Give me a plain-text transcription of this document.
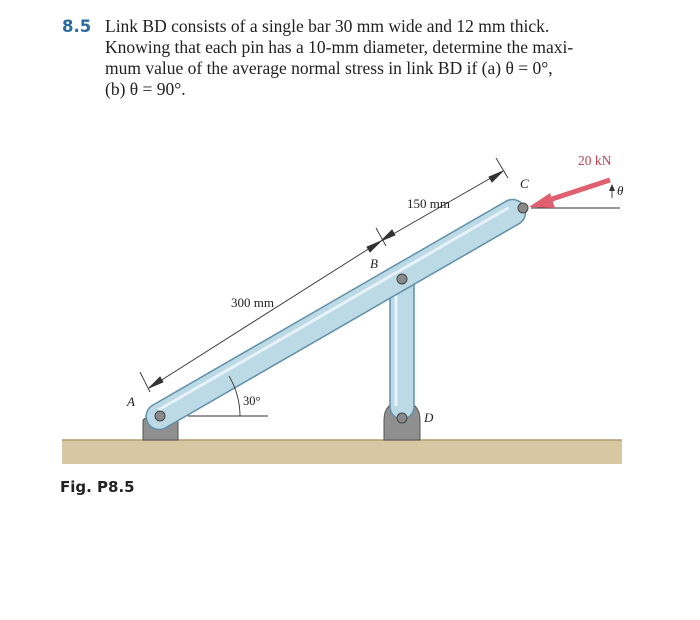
8.5 Link BD consists of a single bar 30 mm wide and 12 mm thick.
Knowing that each pin has a 10-mm diameter, determine the maxi-
mum value of the average normal stress in link BD if (a) θ = 0°,
(b) θ = 90°.
20 kN
θ
150 mm
300 mm
30°
A
B
C
D
Fig. P8.5
